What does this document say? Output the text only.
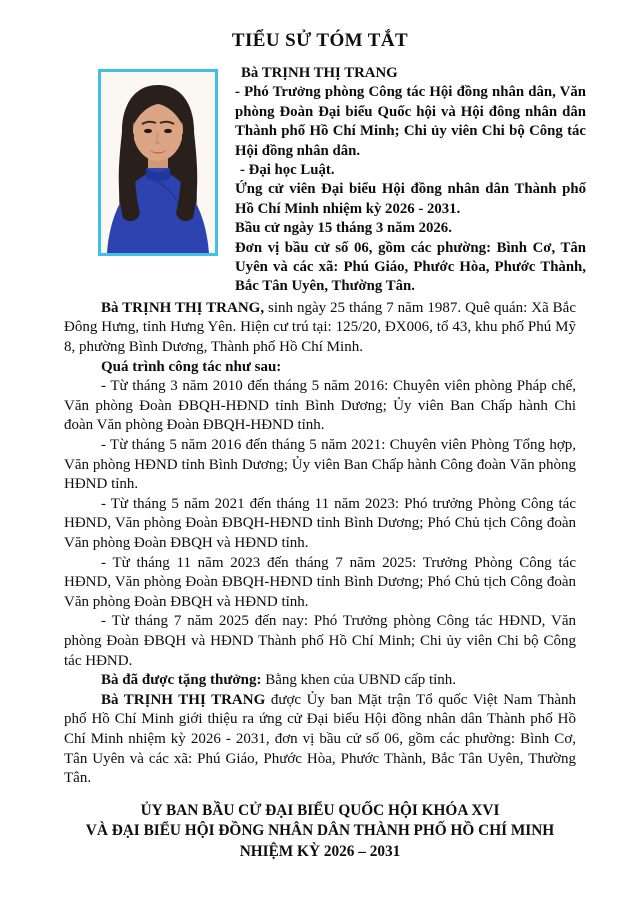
TIỂU SỬ TÓM TẮT

Bà TRỊNH THỊ TRANG

- Phó Trưởng phòng Công tác Hội đồng nhân dân, Văn phòng Đoàn Đại biểu Quốc hội và Hội đông nhân dân Thành phố Hồ Chí Minh; Chi ủy viên Chi bộ Công tác Hội đồng nhân dân.

- Đại học Luật.

Ứng cử viên Đại biểu Hội đồng nhân dân Thành phố Hồ Chí Minh nhiệm kỳ 2026 - 2031.

Bầu cử ngày 15 tháng 3 năm 2026.

Đơn vị bầu cử số 06, gồm các phường: Bình Cơ, Tân Uyên và các xã: Phú Giáo, Phước Hòa, Phước Thành, Bắc Tân Uyên, Thường Tân.

Bà TRỊNH THỊ TRANG, sinh ngày 25 tháng 7 năm 1987. Quê quán: Xã Bắc Đông Hưng, tỉnh Hưng Yên. Hiện cư trú tại: 125/20, ĐX006, tổ 43, khu phố Phú Mỹ 8, phường Bình Dương, Thành phố Hồ Chí Minh.

Quá trình công tác như sau:

- Từ tháng 3 năm 2010 đến tháng 5 năm 2016: Chuyên viên phòng Pháp chế, Văn phòng Đoàn ĐBQH-HĐND tỉnh Bình Dương; Ủy viên Ban Chấp hành Chi đoàn Văn phòng Đoàn ĐBQH-HĐND tỉnh.

- Từ tháng 5 năm 2016 đến tháng 5 năm 2021: Chuyên viên Phòng Tổng hợp, Văn phòng HĐND tỉnh Bình Dương; Ủy viên Ban Chấp hành Công đoàn Văn phòng HĐND tỉnh.

- Từ tháng 5 năm 2021 đến tháng 11 năm 2023: Phó trưởng Phòng Công tác HĐND, Văn phòng Đoàn ĐBQH-HĐND tỉnh Bình Dương; Phó Chủ tịch Công đoàn Văn phòng Đoàn ĐBQH và HĐND tỉnh.

- Từ tháng 11 năm 2023 đến tháng 7 năm 2025: Trưởng Phòng Công tác HĐND, Văn phòng Đoàn ĐBQH-HĐND tỉnh Bình Dương; Phó Chủ tịch Công đoàn Văn phòng Đoàn ĐBQH và HĐND tỉnh.

- Từ tháng 7 năm 2025 đến nay: Phó Trưởng phòng Công tác HĐND, Văn phòng Đoàn ĐBQH và HĐND Thành phố Hồ Chí Minh; Chi ủy viên Chi bộ Công tác HĐND.

Bà đã được tặng thưởng: Bằng khen của UBND cấp tỉnh.

Bà TRỊNH THỊ TRANG được Ủy ban Mặt trận Tổ quốc Việt Nam Thành phố Hồ Chí Minh giới thiệu ra ứng cử Đại biểu Hội đồng nhân dân Thành phố Hồ Chí Minh nhiệm kỳ 2026 - 2031, đơn vị bầu cử số 06, gồm các phường: Bình Cơ, Tân Uyên và các xã: Phú Giáo, Phước Hòa, Phước Thành, Bắc Tân Uyên, Thường Tân.

ỦY BAN BẦU CỬ ĐẠI BIỂU QUỐC HỘI KHÓA XVI

VÀ ĐẠI BIỂU HỘI ĐỒNG NHÂN DÂN THÀNH PHỐ HỒ CHÍ MINH

NHIỆM KỲ 2026 – 2031
